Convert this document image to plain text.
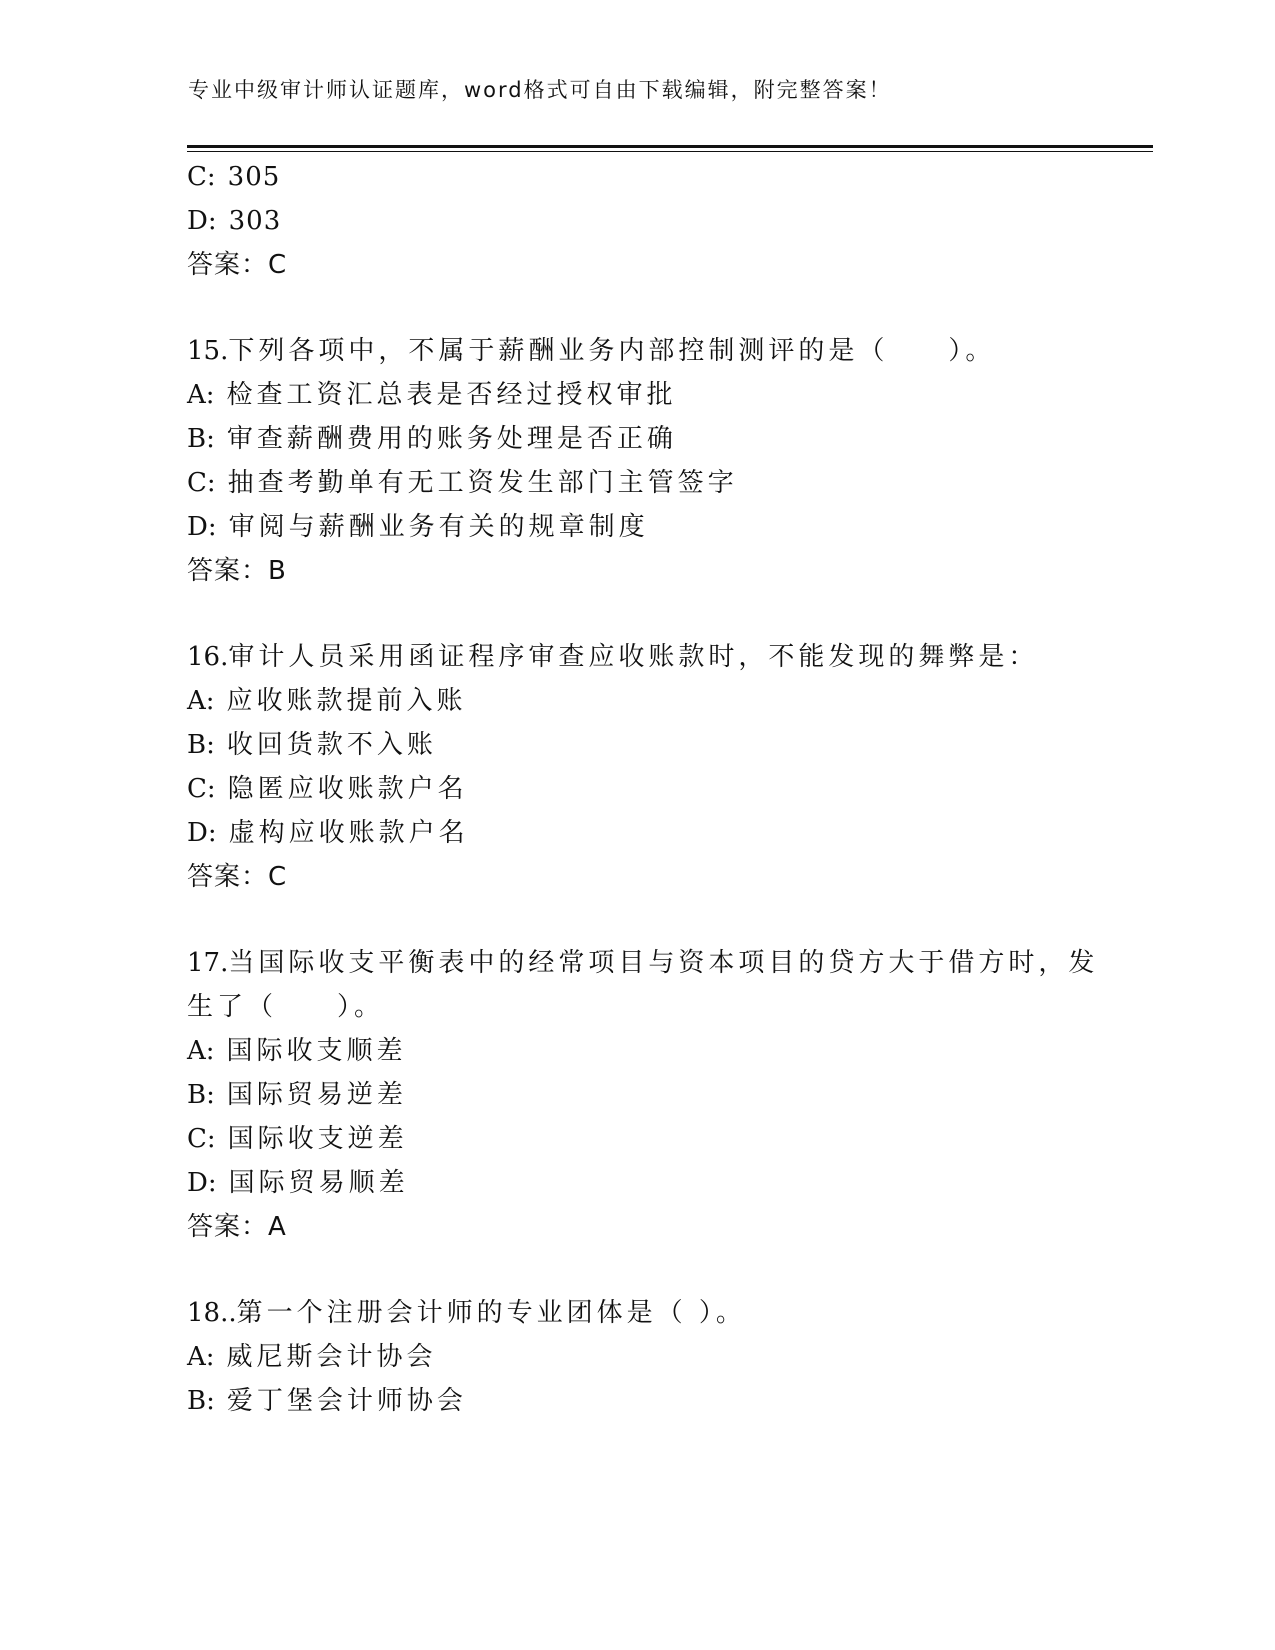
专业中级审计师认证题库，word格式可自由下载编辑，附完整答案！
C: 305
D: 303
答案：C
15.下列各项中，不属于薪酬业务内部控制测评的是（　　）。
A: 检查工资汇总表是否经过授权审批
B: 审查薪酬费用的账务处理是否正确
C: 抽查考勤单有无工资发生部门主管签字
D: 审阅与薪酬业务有关的规章制度
答案：B
16.审计人员采用函证程序审查应收账款时，不能发现的舞弊是：
A: 应收账款提前入账
B: 收回货款不入账
C: 隐匿应收账款户名
D: 虚构应收账款户名
答案：C
17.当国际收支平衡表中的经常项目与资本项目的贷方大于借方时，发
生了（　　）。
A: 国际收支顺差
B: 国际贸易逆差
C: 国际收支逆差
D: 国际贸易顺差
答案：A
18..第一个注册会计师的专业团体是（ ）。
A: 威尼斯会计协会
B: 爱丁堡会计师协会
